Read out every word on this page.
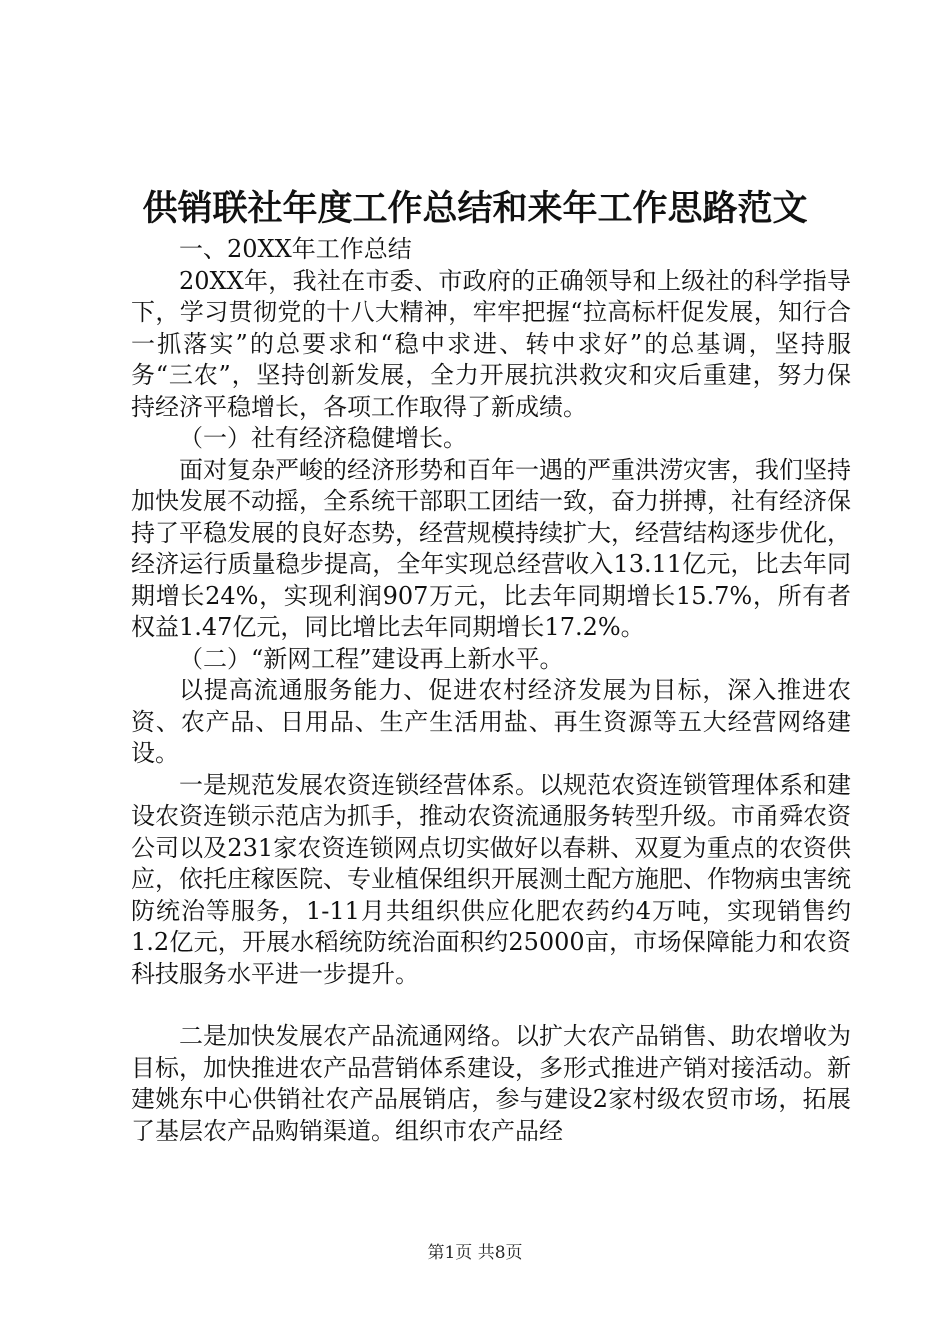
供销联社年度工作总结和来年工作思路范文

一、20XX年工作总结

20XX年，我社在市委、市政府的正确领导和上级社的科学指导下，学习贯彻党的十八大精神，牢牢把握“拉高标杆促发展，知行合一抓落实”的总要求和“稳中求进、转中求好”的总基调，坚持服务“三农”，坚持创新发展，全力开展抗洪救灾和灾后重建，努力保持经济平稳增长，各项工作取得了新成绩。

（一）社有经济稳健增长。

面对复杂严峻的经济形势和百年一遇的严重洪涝灾害，我们坚持加快发展不动摇，全系统干部职工团结一致，奋力拼搏，社有经济保持了平稳发展的良好态势，经营规模持续扩大，经营结构逐步优化，经济运行质量稳步提高，全年实现总经营收入13.11亿元，比去年同期增长24%，实现利润907万元，比去年同期增长15.7%，所有者权益1.47亿元，同比增比去年同期增长17.2%。

（二）“新网工程”建设再上新水平。

以提高流通服务能力、促进农村经济发展为目标，深入推进农资、农产品、日用品、生产生活用盐、再生资源等五大经营网络建设。

一是规范发展农资连锁经营体系。以规范农资连锁管理体系和建设农资连锁示范店为抓手，推动农资流通服务转型升级。市甬舜农资公司以及231家农资连锁网点切实做好以春耕、双夏为重点的农资供应，依托庄稼医院、专业植保组织开展测土配方施肥、作物病虫害统防统治等服务，1-11月共组织供应化肥农药约4万吨，实现销售约1.2亿元，开展水稻统防统治面积约25000亩，市场保障能力和农资科技服务水平进一步提升。

二是加快发展农产品流通网络。以扩大农产品销售、助农增收为目标，加快推进农产品营销体系建设，多形式推进产销对接活动。新建姚东中心供销社农产品展销店，参与建设2家村级农贸市场，拓展了基层农产品购销渠道。组织市农产品经

第1页 共8页
